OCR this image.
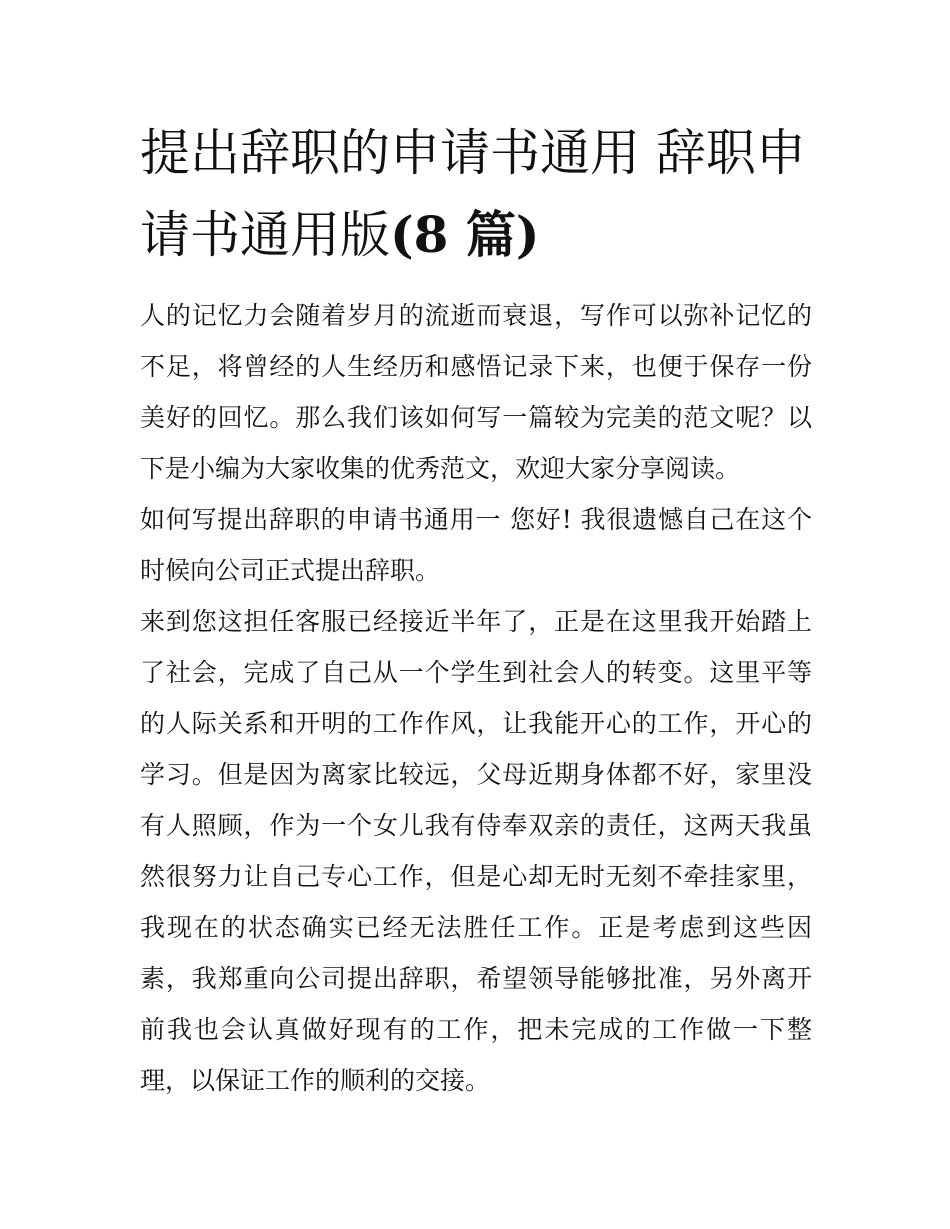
提出辞职的申请书通用 辞职申请书通用版(8 篇)

人的记忆力会随着岁月的流逝而衰退，写作可以弥补记忆的不足，将曾经的人生经历和感悟记录下来，也便于保存一份美好的回忆。那么我们该如何写一篇较为完美的范文呢？以下是小编为大家收集的优秀范文，欢迎大家分享阅读。

如何写提出辞职的申请书通用一 您好! 我很遗憾自己在这个时候向公司正式提出辞职。

来到您这担任客服已经接近半年了，正是在这里我开始踏上了社会，完成了自己从一个学生到社会人的转变。这里平等的人际关系和开明的工作作风，让我能开心的工作，开心的学习。但是因为离家比较远，父母近期身体都不好，家里没有人照顾，作为一个女儿我有侍奉双亲的责任，这两天我虽然很努力让自己专心工作，但是心却无时无刻不牵挂家里，我现在的状态确实已经无法胜任工作。正是考虑到这些因素，我郑重向公司提出辞职，希望领导能够批准，另外离开前我也会认真做好现有的工作，把未完成的工作做一下整理，以保证工作的顺利的交接。
